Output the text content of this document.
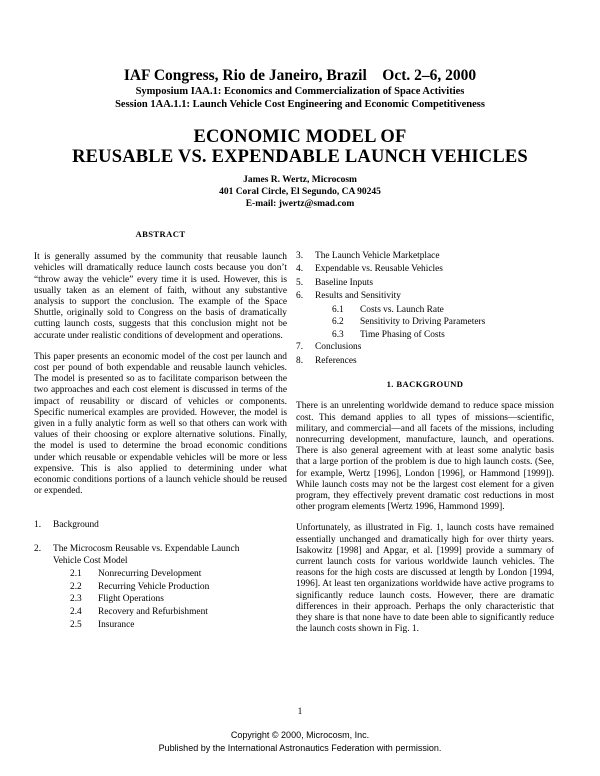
IAF Congress, Rio de Janeiro, Brazil    Oct. 2–6, 2000
Symposium IAA.1: Economics and Commercialization of Space Activities
Session 1AA.1.1: Launch Vehicle Cost Engineering and Economic Competitiveness
ECONOMIC MODEL OF
REUSABLE VS. EXPENDABLE LAUNCH VEHICLES
James R. Wertz, Microcosm
401 Coral Circle, El Segundo, CA 90245
E-mail: jwertz@smad.com
ABSTRACT

It is generally assumed by the community that reusable launch vehicles will dramatically reduce launch costs because you don’t “throw away the vehicle” every time it is used. However, this is usually taken as an element of faith, without any substantive analysis to support the conclusion. The example of the Space Shuttle, originally sold to Congress on the basis of dramatically cutting launch costs, suggests that this conclusion might not be accurate under realistic conditions of development and operations.

This paper presents an economic model of the cost per launch and cost per pound of both expendable and reusable launch vehicles. The model is presented so as to facilitate comparison between the two approaches and each cost element is discussed in terms of the impact of reusability or discard of vehicles or components. Specific numerical examples are provided. However, the model is given in a fully analytic form as well so that others can work with values of their choosing or explore alternative solutions. Finally, the model is used to determine the broad economic conditions under which reusable or expendable vehicles will be more or less expensive. This is also applied to determining under what economic conditions portions of a launch vehicle should be reused or expended.

1.	Background
2.	The Microcosm Reusable vs. Expendable Launch
Vehicle Cost Model
2.1	Nonrecurring Development
2.2	Recurring Vehicle Production
2.3	Flight Operations
2.4	Recovery and Refurbishment
2.5	Insurance
3.	The Launch Vehicle Marketplace
4.	Expendable vs. Reusable Vehicles
5.	Baseline Inputs
6.	Results and Sensitivity
6.1	Costs vs. Launch Rate
6.2	Sensitivity to Driving Parameters
6.3	Time Phasing of Costs
7.	Conclusions
8.	References
1. BACKGROUND

There is an unrelenting worldwide demand to reduce space mission cost. This demand applies to all types of missions—scientific, military, and commercial—and all facets of the missions, including nonrecurring development, manufacture, launch, and operations. There is also general agreement with at least some analytic basis that a large portion of the problem is due to high launch costs. (See, for example, Wertz [1996], London [1996], or Hammond [1999]). While launch costs may not be the largest cost element for a given program, they effectively prevent dramatic cost reductions in most other program elements [Wertz 1996, Hammond 1999].

Unfortunately, as illustrated in Fig. 1, launch costs have remained essentially unchanged and dramatically high for over thirty years. Isakowitz [1998] and Apgar, et al. [1999] provide a summary of current launch costs for various worldwide launch vehicles. The reasons for the high costs are discussed at length by London [1994, 1996]. At least ten organizations worldwide have active programs to significantly reduce launch costs. However, there are dramatic differences in their approach. Perhaps the only characteristic that they share is that none have to date been able to significantly reduce the launch costs shown in Fig. 1.

1
Copyright © 2000, Microcosm, Inc.
Published by the International Astronautics Federation with permission.
